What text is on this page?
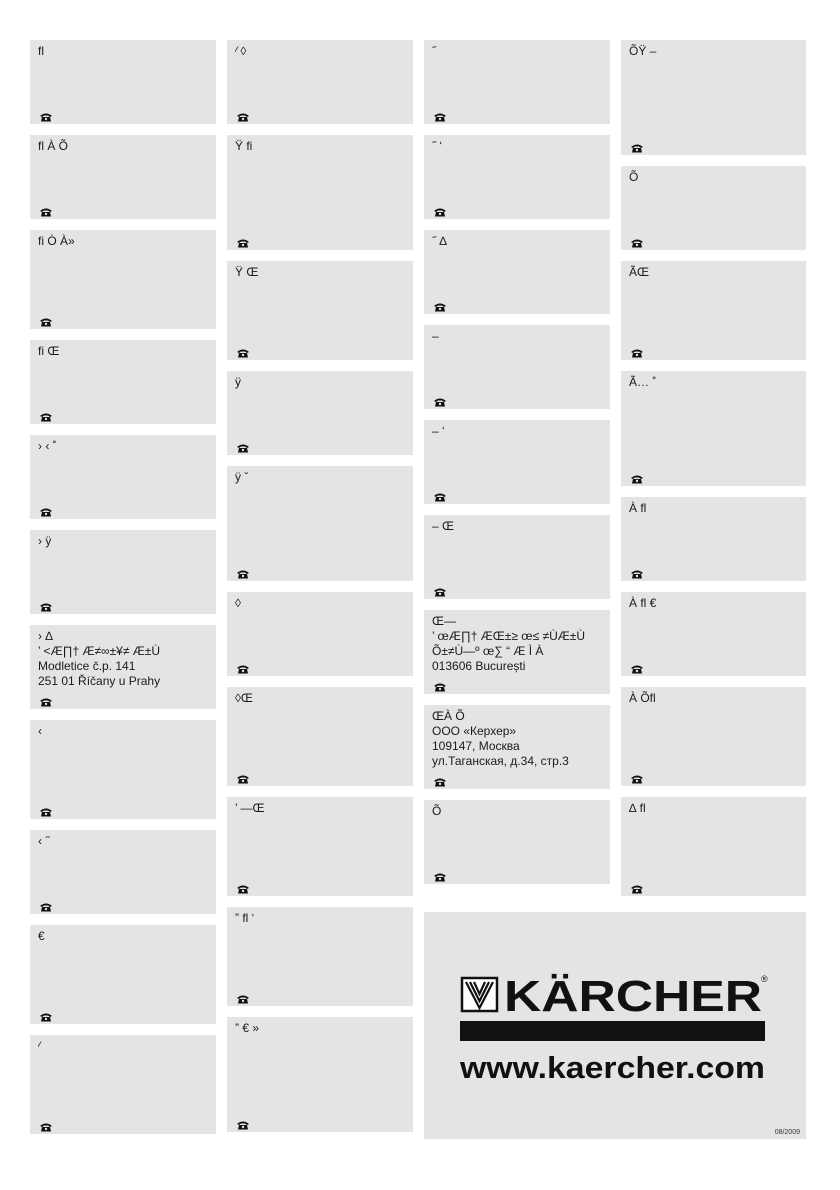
fl
fl À Õ
fi Ò À»
fi Œ
› ‹ ˚
› ÿ
› ∆
’ <Æ∏† Æ≠∞±¥≠ Æ±Ù
Modletice č.p. 141
251 01 Říčany u Prahy
‹
‹ ˝
€
⁄
⁄ ◊
Ÿ fi
Ÿ Œ
ÿ
ÿ ˇ
◊
◊Œ
’ —Œ
” fl ‘
” € »
˝
˝ ‘
˝ ∆
–
– ‘
– Œ
Œ—
’ œÆ∏† ÆŒ±≥ œ≤ ≠ÙÆ±Ù
Õ±≠Ù—º œ∑ “ Æ Ì À
013606 București
ŒÀ Õ
ООО «Керхер»
109147, Москва
ул.Таганская, д.34, стр.3
Õ
ÕŸ –
Õ
ÃŒ
Ã… ˚
À fl
À fl €
À Õfl
∆ fl
KÄRCHER ®
www.kaercher.com
08/2009
